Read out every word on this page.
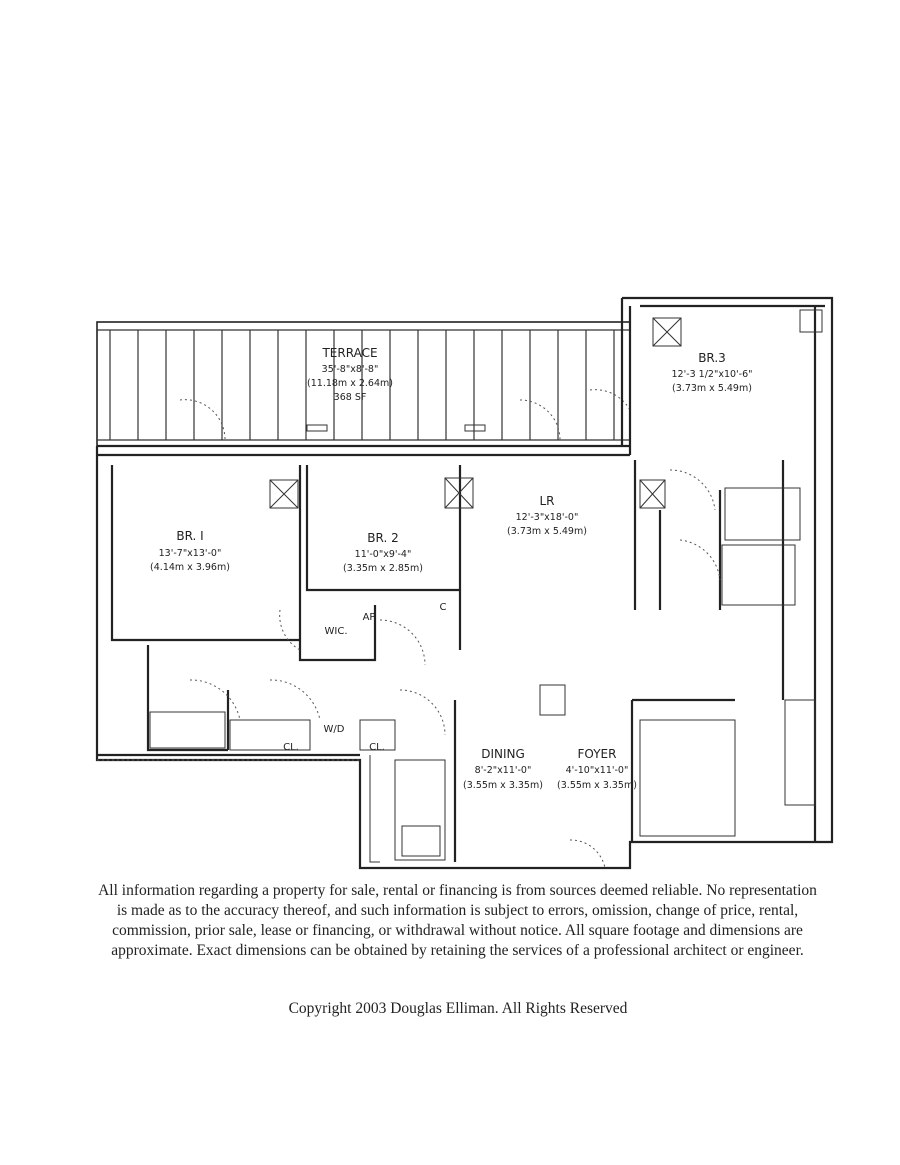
TERRACE
35'-8"x8'-8"
(11.18m x 2.64m)
368 SF
BR.3
12'-3 1/2"x10'-6"
(3.73m x 5.49m)
BR. I
13'-7"x13'-0"
(4.14m x 3.96m)
BR. 2
11'-0"x9'-4"
(3.35m x 2.85m)
LR
12'-3"x18'-0"
(3.73m x 5.49m)
DINING
8'-2"x11'-0"
(3.55m x 3.35m)
FOYER
4'-10"x11'-0"
(3.55m x 3.35m)
WIC.
W/D
CL.	CL.
C
AP

All information regarding a property for sale, rental or financing is from sources deemed reliable. No representation is made as to the accuracy thereof, and such information is subject to errors, omission, change of price, rental, commission, prior sale, lease or financing, or withdrawal without notice. All square footage and dimensions are approximate. Exact dimensions can be obtained by retaining the services of a professional architect or engineer.

Copyright 2003 Douglas Elliman. All Rights Reserved
